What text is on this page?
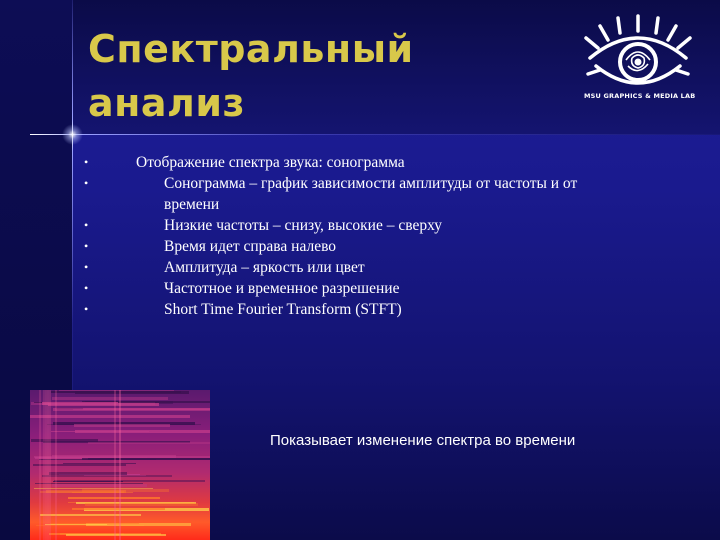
Спектральный
анализ	MSU GRAPHICS & MEDIA LAB
•	Отображение спектра звука: сонограмма
•	Сонограмма – график зависимости амплитуды от частоты и от
времени
•	Низкие частоты – снизу, высокие – сверху
•	Время идет справа налево
•	Амплитуда – яркость или цвет
•	Частотное и временное разрешение
•	Short Time Fourier Transform (STFT)
Показывает изменение спектра во времени
